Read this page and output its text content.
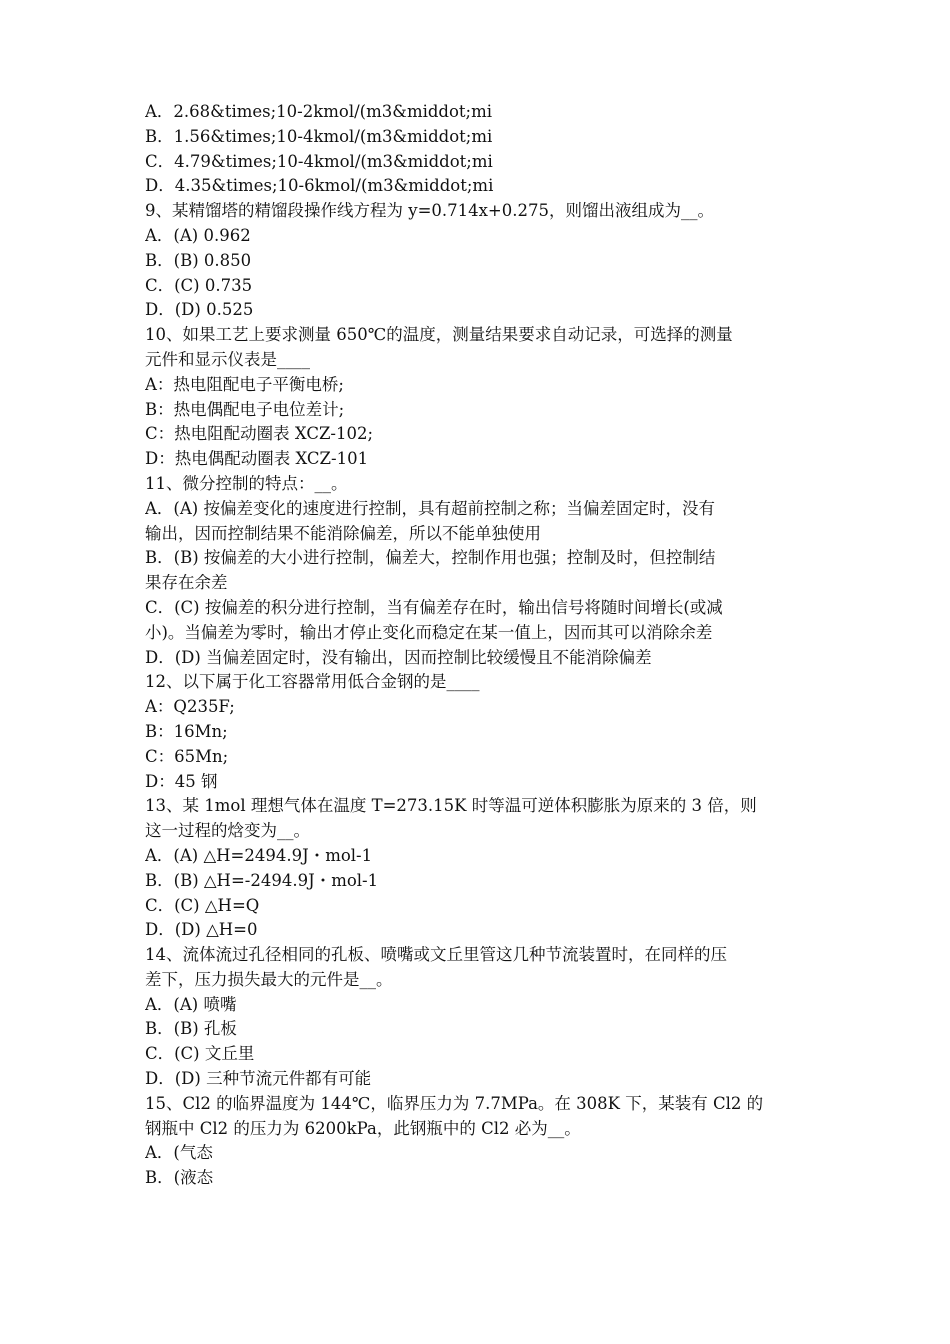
A．2.68&times;10-2kmol/(m3&middot;mi
B．1.56&times;10-4kmol/(m3&middot;mi
C．4.79&times;10-4kmol/(m3&middot;mi
D．4.35&times;10-6kmol/(m3&middot;mi
9、某精馏塔的精馏段操作线方程为 y=0.714x+0.275，则馏出液组成为__。
A．(A) 0.962
B．(B) 0.850
C．(C) 0.735
D．(D) 0.525
10、如果工艺上要求测量 650℃的温度，测量结果要求自动记录，可选择的测量
元件和显示仪表是____
A：热电阻配电子平衡电桥;
B：热电偶配电子电位差计;
C：热电阻配动圈表 XCZ-102;
D：热电偶配动圈表 XCZ-101
11、微分控制的特点：__。
A．(A) 按偏差变化的速度进行控制，具有超前控制之称；当偏差固定时，没有
输出，因而控制结果不能消除偏差，所以不能单独使用
B．(B) 按偏差的大小进行控制，偏差大，控制作用也强；控制及时，但控制结
果存在余差
C．(C) 按偏差的积分进行控制，当有偏差存在时，输出信号将随时间增长(或减
小)。当偏差为零时，输出才停止变化而稳定在某一值上，因而其可以消除余差
D．(D) 当偏差固定时，没有输出，因而控制比较缓慢且不能消除偏差
12、以下属于化工容器常用低合金钢的是____
A：Q235F;
B：16Mn;
C：65Mn;
D：45 钢
13、某 1mol 理想气体在温度 T=273.15K 时等温可逆体积膨胀为原来的 3 倍，则
这一过程的焓变为__。
A．(A) △H=2494.9J・mol-1
B．(B) △H=-2494.9J・mol-1
C．(C) △H=Q
D．(D) △H=0
14、流体流过孔径相同的孔板、喷嘴或文丘里管这几种节流装置时，在同样的压
差下，压力损失最大的元件是__。
A．(A) 喷嘴
B．(B) 孔板
C．(C) 文丘里
D．(D) 三种节流元件都有可能
15、Cl2 的临界温度为 144℃，临界压力为 7.7MPa。在 308K 下，某装有 Cl2 的
钢瓶中 Cl2 的压力为 6200kPa，此钢瓶中的 Cl2 必为__。
A．(气态
B．(液态
